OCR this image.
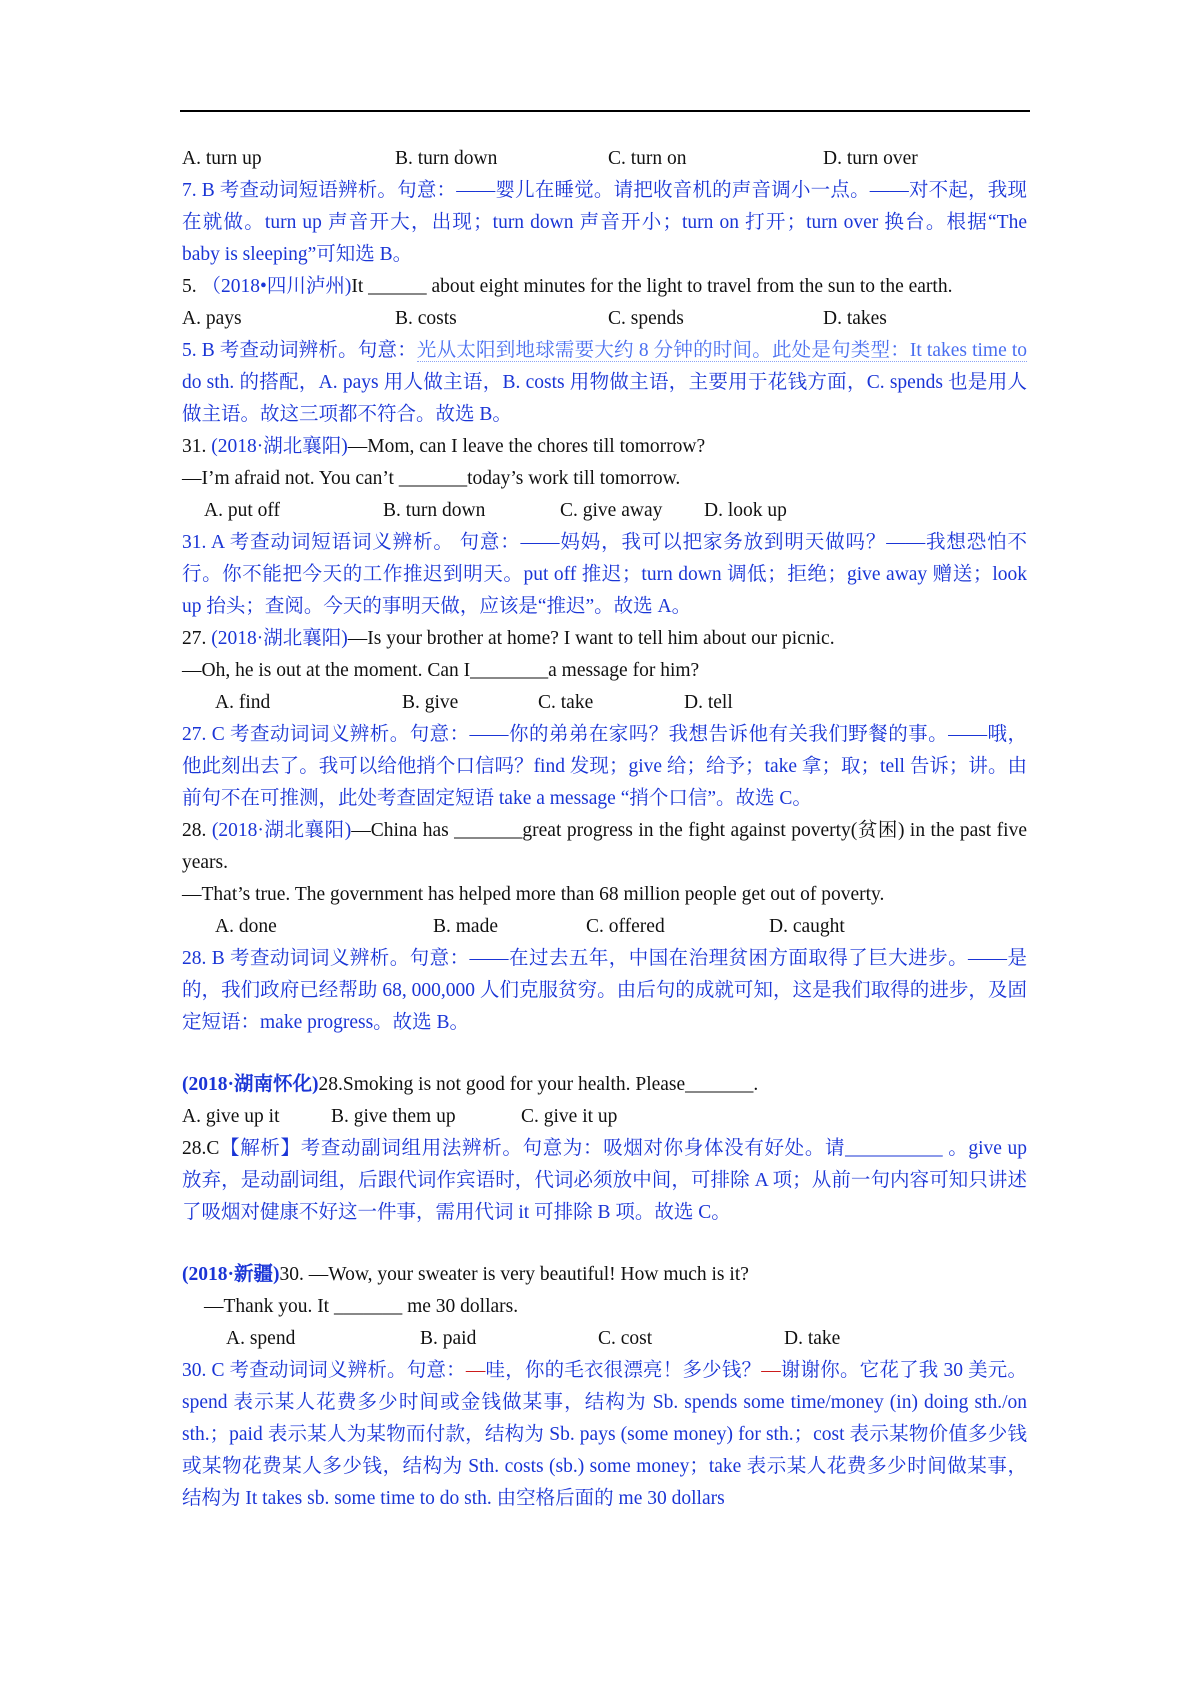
A. turn up	B. turn down	C. turn on	D. turn over
7. B 考查动词短语辨析。句意：——婴儿在睡觉。请把收音机的声音调小一点。——对不起，我现在就做。turn up 声音开大，出现；turn down 声音开小；turn on 打开；turn over 换台。根据“The baby is sleeping”可知选 B。
5. （2018•四川泸州)It ______ about eight minutes for the light to travel from the sun to the earth.
A. pays	B. costs	C. spends	D. takes
5. B 考查动词辨析。句意：光从太阳到地球需要大约 8 分钟的时间。此处是句类型：It takes time to do sth. 的搭配，A. pays 用人做主语，B. costs 用物做主语，主要用于花钱方面，C. spends 也是用人做主语。故这三项都不符合。故选 B。
31. (2018·湖北襄阳)—Mom, can I leave the chores till tomorrow?
—I’m afraid not. You can’t _______today’s work till tomorrow.
A. put off	B. turn down	C. give away D. look up
31. A 考查动词短语词义辨析。 句意：——妈妈，我可以把家务放到明天做吗？——我想恐怕不行。你不能把今天的工作推迟到明天。put off 推迟；turn down 调低；拒绝；give away 赠送；look up 抬头；查阅。今天的事明天做，应该是“推迟”。故选 A。
27. (2018·湖北襄阳)—Is your brother at home? I want to tell him about our picnic.
—Oh, he is out at the moment. Can I________a message for him?
A. find	B. give	C. take	D. tell
27. C 考查动词词义辨析。句意：——你的弟弟在家吗？我想告诉他有关我们野餐的事。——哦，他此刻出去了。我可以给他捎个口信吗？find 发现；give 给；给予；take 拿；取；tell 告诉；讲。由前句不在可推测，此处考查固定短语 take a message “捎个口信”。故选 C。
28. (2018·湖北襄阳)—China has _______great progress in the fight against poverty(贫困) in the past five years.
—That’s true. The government has helped more than 68 million people get out of poverty.
A. done	B. made	C. offered	D. caught
28. B 考查动词词义辨析。句意：——在过去五年，中国在治理贫困方面取得了巨大进步。——是的，我们政府已经帮助 68, 000,000 人们克服贫穷。由后句的成就可知，这是我们取得的进步，及固定短语：make progress。故选 B。
(2018·湖南怀化)28.Smoking is not good for your health. Please_______.
A. give up it	B. give them up	C. give it up
28.C【解析】考查动副词组用法辨析。句意为：吸烟对你身体没有好处。请__________ 。give up 放弃，是动副词组，后跟代词作宾语时，代词必须放中间，可排除 A 项；从前一句内容可知只讲述了吸烟对健康不好这一件事，需用代词 it 可排除 B 项。故选 C。
(2018·新疆)30. —Wow, your sweater is very beautiful! How much is it?
—Thank you. It _______ me 30 dollars.
A. spend	B. paid	C. cost	D. take
30. C 考查动词词义辨析。句意：—哇，你的毛衣很漂亮！多少钱？—谢谢你。它花了我 30 美元。spend 表示某人花费多少时间或金钱做某事，结构为 Sb. spends some time/money (in) doing sth./on sth.；paid 表示某人为某物而付款，结构为 Sb. pays (some money) for sth.；cost 表示某物价值多少钱或某物花费某人多少钱，结构为 Sth. costs (sb.) some money；take 表示某人花费多少时间做某事，结构为 It takes sb. some time to do sth. 由空格后面的 me 30 dollars
